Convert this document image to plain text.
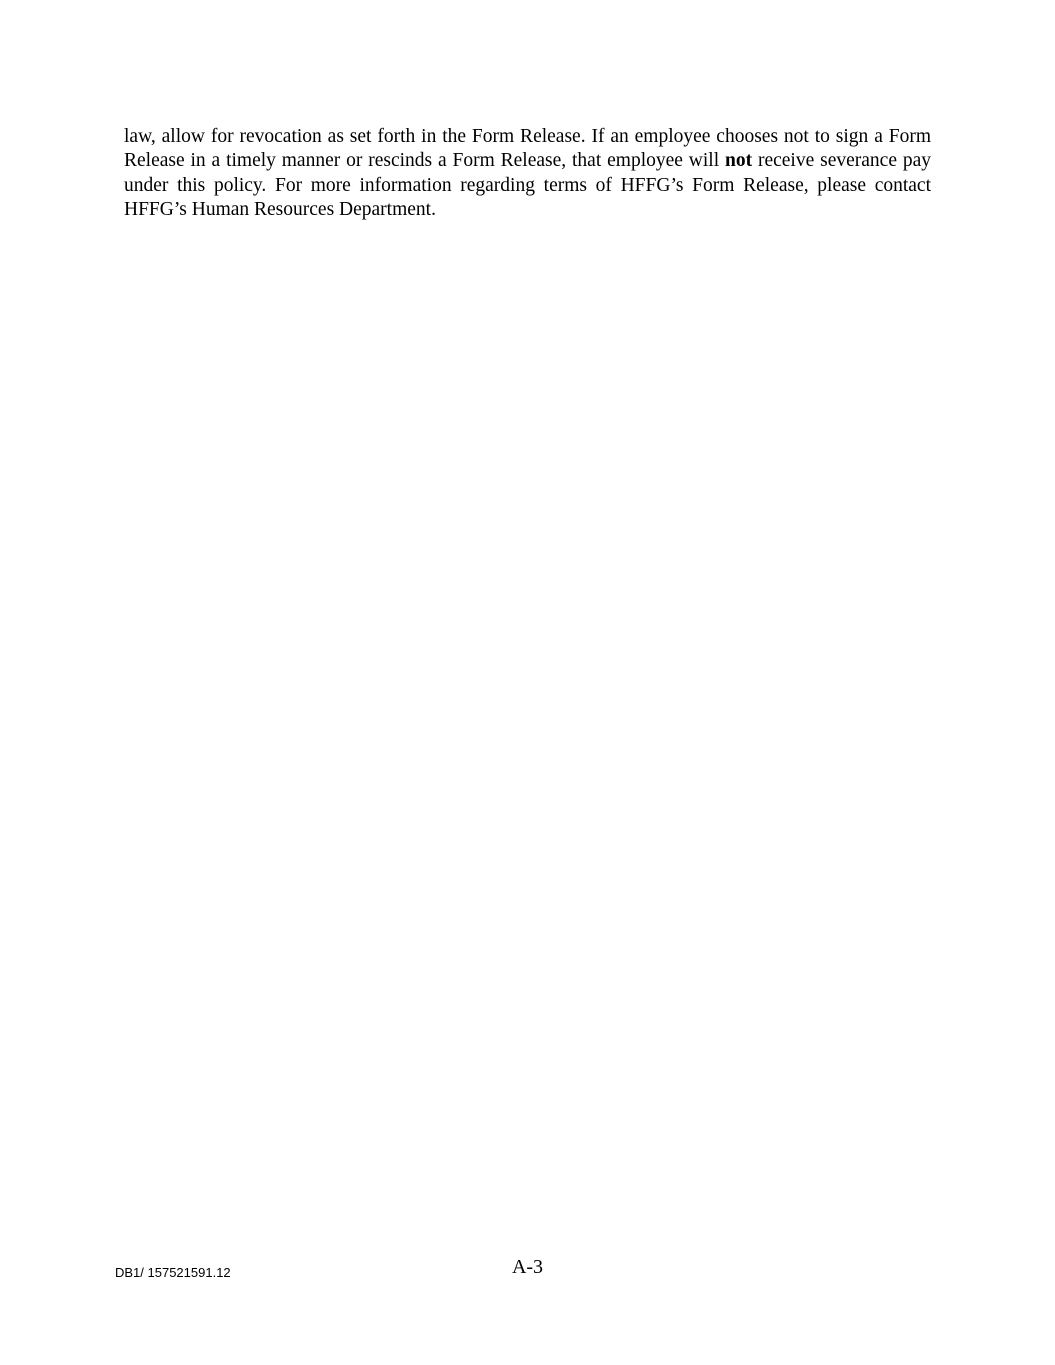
law, allow for revocation as set forth in the Form Release. If an employee chooses not to sign a Form Release in a timely manner or rescinds a Form Release, that employee will not receive severance pay under this policy. For more information regarding terms of HFFG’s Form Release, please contact HFFG’s Human Resources Department.

DB1/ 157521591.12	A-3
